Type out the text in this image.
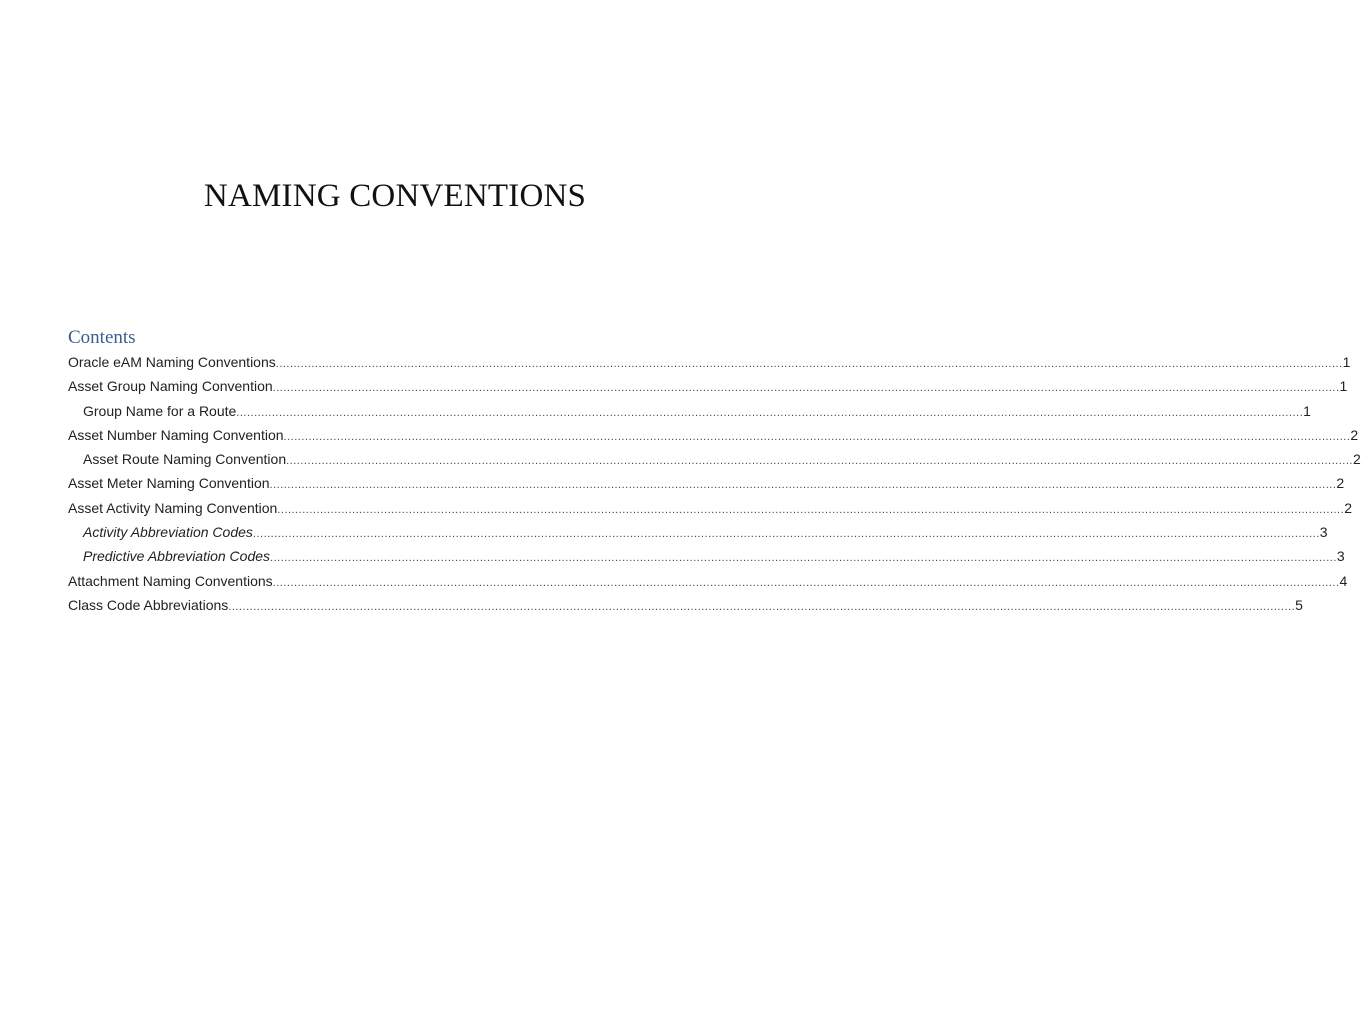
NAMING CONVENTIONS
Contents
Oracle eAM Naming Conventions ............................................................................................................................................................................................................................................................................................................ 1
Asset Group Naming Convention ............................................................................................................................................................................................................................................................................................................ 1
Group Name for a Route ............................................................................................................................................................................................................................................................................................................ 1
Asset Number Naming Convention ............................................................................................................................................................................................................................................................................................................ 2
Asset Route Naming Convention ............................................................................................................................................................................................................................................................................................................ 2
Asset Meter Naming Convention ............................................................................................................................................................................................................................................................................................................ 2
Asset Activity Naming Convention ............................................................................................................................................................................................................................................................................................................ 2
Activity Abbreviation Codes ............................................................................................................................................................................................................................................................................................................ 3
Predictive Abbreviation Codes ............................................................................................................................................................................................................................................................................................................ 3
Attachment Naming Conventions ............................................................................................................................................................................................................................................................................................................ 4
Class Code Abbreviations ............................................................................................................................................................................................................................................................................................................ 5
